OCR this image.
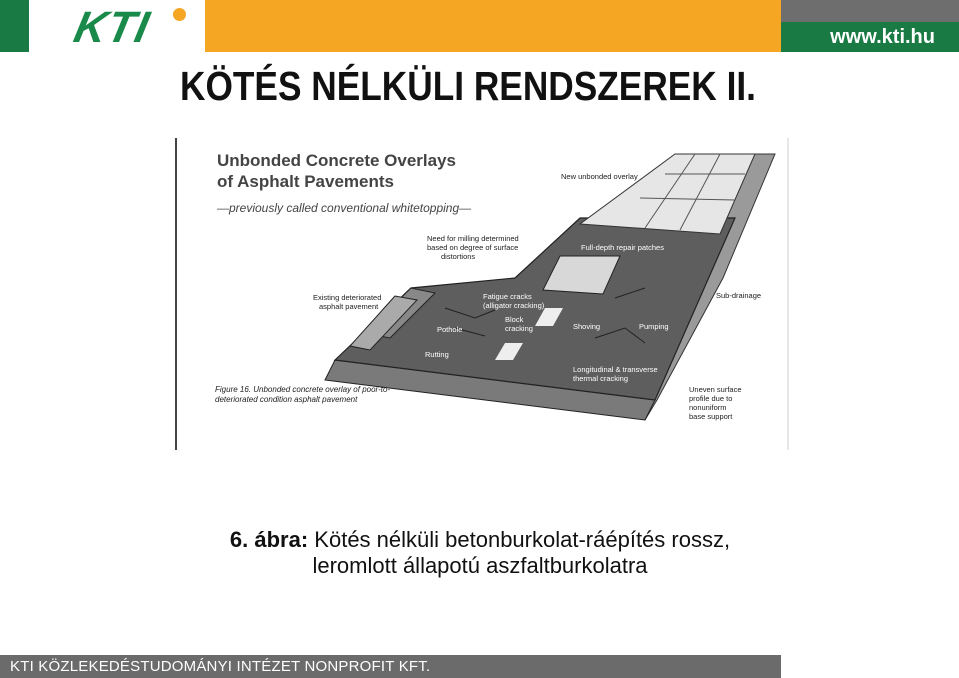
KTI	www.kti.hu
KÖTÉS NÉLKÜLI RENDSZEREK II.
Unbonded Concrete Overlays
of Asphalt Pavements
—previously called conventional whitetopping—
New unbonded overlay
Need for milling determined
based on degree of surface
distortions
Full-depth repair patches
Existing deteriorated
asphalt pavement
Fatigue cracks
(alligator cracking)
Block
cracking
Pothole	Shoving	Pumping
Sub-drainage
Rutting
Longitudinal & transverse
thermal cracking
Uneven surface
profile due to
nonuniform
base support
Figure 16. Unbonded concrete overlay of poor-to-
deteriorated condition asphalt pavement
6. ábra: Kötés nélküli betonburkolat-ráépítés rossz,
leromlott állapotú aszfaltburkolatra
KTI KÖZLEKEDÉSTUDOMÁNYI INTÉZET NONPROFIT KFT.
